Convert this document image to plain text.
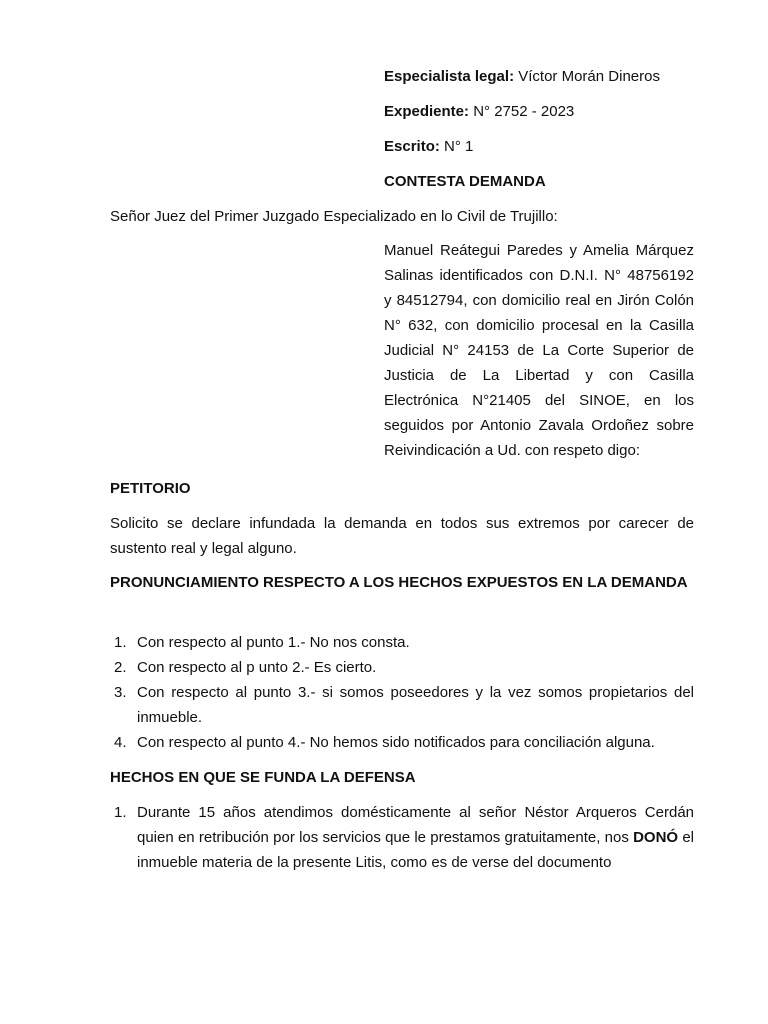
Especialista legal: Víctor Morán Dineros
Expediente: N° 2752 - 2023
Escrito: N° 1
CONTESTA DEMANDA
Señor Juez del Primer Juzgado Especializado en lo Civil de Trujillo:
Manuel Reátegui Paredes y Amelia Márquez Salinas identificados con D.N.I. N° 48756192 y 84512794, con domicilio real en Jirón Colón N° 632, con domicilio procesal en la Casilla Judicial N° 24153 de La Corte Superior de Justicia de La Libertad y con Casilla Electrónica N°21405 del SINOE, en los seguidos por Antonio Zavala Ordoñez sobre Reivindicación a Ud. con respeto digo:
PETITORIO
Solicito se declare infundada la demanda en todos sus extremos por carecer de sustento real y legal alguno.
PRONUNCIAMIENTO RESPECTO A LOS HECHOS EXPUESTOS EN LA DEMANDA
1. Con respecto al punto 1.- No nos consta.
2. Con respecto al p unto 2.- Es cierto.
3. Con respecto al punto 3.- si somos poseedores y la vez somos propietarios del inmueble.
4. Con respecto al punto 4.- No hemos sido notificados para conciliación alguna.
HECHOS EN QUE SE FUNDA LA DEFENSA
1. Durante 15 años atendimos domésticamente al señor Néstor Arqueros Cerdán quien en retribución por los servicios que le prestamos gratuitamente, nos DONÓ el inmueble materia de la presente Litis, como es de verse del documento
